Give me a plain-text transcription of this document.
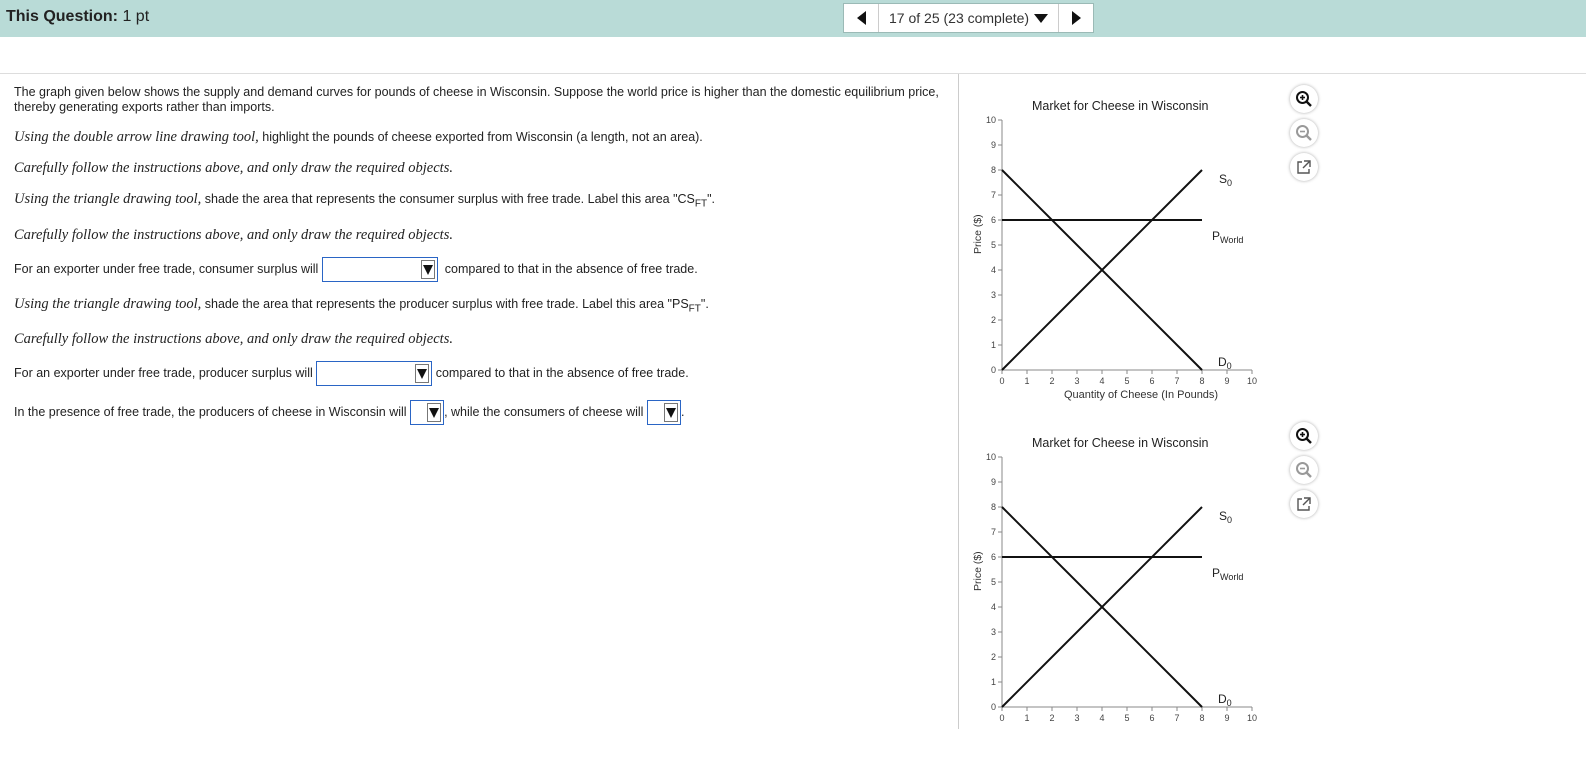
This Question: 1 pt	17 of 25 (23 complete)
The graph given below shows the supply and demand curves for pounds of cheese in Wisconsin. Suppose the world price is higher than the domestic equilibrium price, thereby generating exports rather than imports.
Using the double arrow line drawing tool, highlight the pounds of cheese exported from Wisconsin (a length, not an area).
Carefully follow the instructions above, and only draw the required objects.
Using the triangle drawing tool, shade the area that represents the consumer surplus with free trade. Label this area "$CS_{FT}$".
Carefully follow the instructions above, and only draw the required objects.
For an exporter under free trade, consumer surplus will	compared to that in the absence of free trade.
Using the triangle drawing tool, shade the area that represents the producer surplus with free trade. Label this area "$PS_{FT}$".
Carefully follow the instructions above, and only draw the required objects.
For an exporter under free trade, producer surplus will	compared to that in the absence of free trade.
In the presence of free trade, the producers of cheese in Wisconsin will	, while the consumers of cheese will	.
Market for Cheese in Wisconsin
0
1
2
3
4
5
6
7
8
9
10
0 1 2 3 4 5 6 7 8 9 10
Quantity of Cheese (In Pounds)
Price ($)
$S_0$
$P_{World}$
$D_0$
Market for Cheese in Wisconsin
0
1
2
3
4
5
6
7
8
9
10
0 1 2 3 4 5 6 7 8 9 10
Price ($)
$S_0$
$P_{World}$
$D_0$
